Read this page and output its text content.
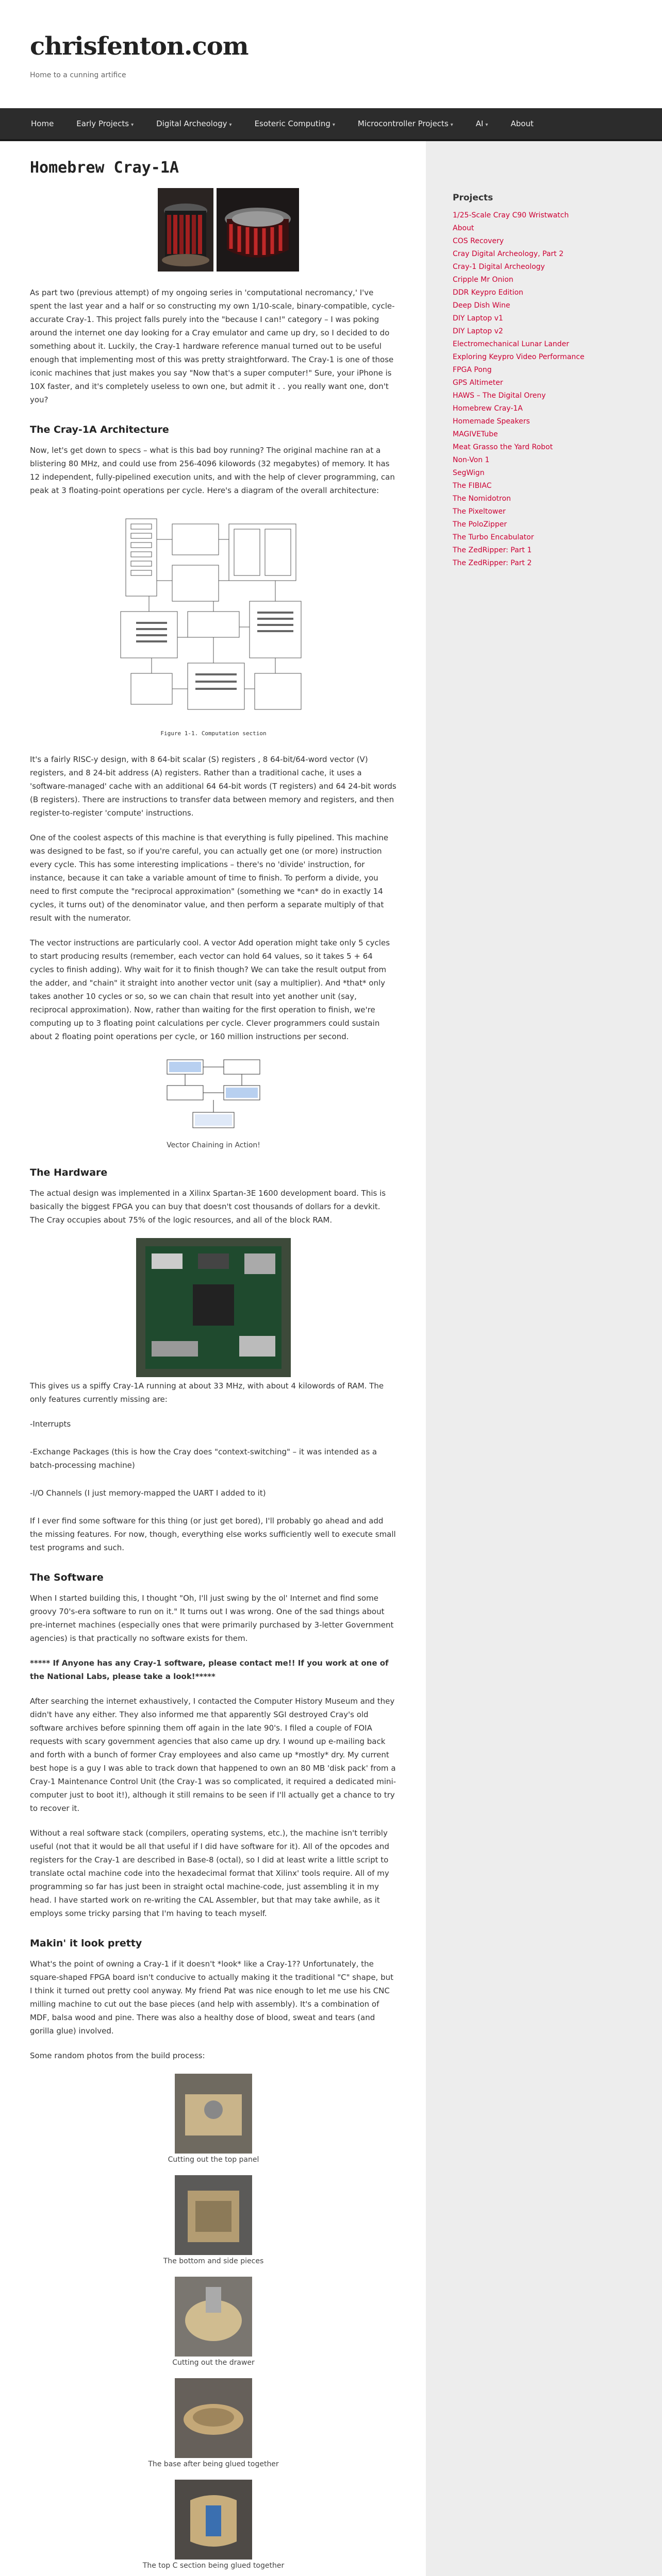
chrisfenton.com
Home to a cunning artifice
Home	Early Projects ▾	Digital Archeology ▾	Esoteric Computing ▾	Microcontroller Projects ▾	AI ▾	About
Homebrew Cray-1A

As part two (previous attempt) of my ongoing series in 'computational necromancy,' I've spent the last year and a half or so constructing my own 1/10-scale, binary-compatible, cycle-accurate Cray-1. This project falls purely into the "because I can!" category – I was poking around the internet one day looking for a Cray emulator and came up dry, so I decided to do something about it. Luckily, the Cray-1 hardware reference manual turned out to be useful enough that implementing most of this was pretty straightforward. The Cray-1 is one of those iconic machines that just makes you say "Now that's a super computer!" Sure, your iPhone is 10X faster, and it's completely useless to own one, but admit it . . you really want one, don't you?

The Cray-1A Architecture

Now, let's get down to specs – what is this bad boy running? The original machine ran at a blistering 80 MHz, and could use from 256-4096 kilowords (32 megabytes) of memory. It has 12 independent, fully-pipelined execution units, and with the help of clever programming, can peak at 3 floating-point operations per cycle. Here's a diagram of the overall architecture:

Figure 1-1. Computation section

It's a fairly RISC-y design, with 8 64-bit scalar (S) registers , 8 64-bit/64-word vector (V) registers, and 8 24-bit address (A) registers. Rather than a traditional cache, it uses a 'software-managed' cache with an additional 64 64-bit words (T registers) and 64 24-bit words (B registers). There are instructions to transfer data between memory and registers, and then register-to-register 'compute' instructions.

One of the coolest aspects of this machine is that everything is fully pipelined. This machine was designed to be fast, so if you're careful, you can actually get one (or more) instruction every cycle. This has some interesting implications – there's no 'divide' instruction, for instance, because it can take a variable amount of time to finish. To perform a divide, you need to first compute the "reciprocal approximation" (something we *can* do in exactly 14 cycles, it turns out) of the denominator value, and then perform a separate multiply of that result with the numerator.

The vector instructions are particularly cool. A vector Add operation might take only 5 cycles to start producing results (remember, each vector can hold 64 values, so it takes 5 + 64 cycles to finish adding). Why wait for it to finish though? We can take the result output from the adder, and "chain" it straight into another vector unit (say a multiplier). And *that* only takes another 10 cycles or so, so we can chain that result into yet another unit (say, reciprocal approximation). Now, rather than waiting for the first operation to finish, we're computing up to 3 floating point calculations per cycle. Clever programmers could sustain about 2 floating point operations per cycle, or 160 million instructions per second.

Vector Chaining in Action!
The Hardware

The actual design was implemented in a Xilinx Spartan-3E 1600 development board. This is basically the biggest FPGA you can buy that doesn't cost thousands of dollars for a devkit. The Cray occupies about 75% of the logic resources, and all of the block RAM.

This gives us a spiffy Cray-1A running at about 33 MHz, with about 4 kilowords of RAM. The only features currently missing are:

-Interrupts

-Exchange Packages (this is how the Cray does "context-switching" – it was intended as a batch-processing machine)

-I/O Channels (I just memory-mapped the UART I added to it)

If I ever find some software for this thing (or just get bored), I'll probably go ahead and add the missing features. For now, though, everything else works sufficiently well to execute small test programs and such.

The Software

When I started building this, I thought "Oh, I'll just swing by the ol' Internet and find some groovy 70's-era software to run on it." It turns out I was wrong. One of the sad things about pre-internet machines (especially ones that were primarily purchased by 3-letter Government agencies) is that practically no software exists for them.

***** If Anyone has any Cray-1 software, please contact me!! If you work at one of the National Labs, please take a look!*****

After searching the internet exhaustively, I contacted the Computer History Museum and they didn't have any either. They also informed me that apparently SGI destroyed Cray's old software archives before spinning them off again in the late 90's. I filed a couple of FOIA requests with scary government agencies that also came up dry. I wound up e-mailing back and forth with a bunch of former Cray employees and also came up *mostly* dry. My current best hope is a guy I was able to track down that happened to own an 80 MB 'disk pack' from a Cray-1 Maintenance Control Unit (the Cray-1 was so complicated, it required a dedicated mini-computer just to boot it!), although it still remains to be seen if I'll actually get a chance to try to recover it.

Without a real software stack (compilers, operating systems, etc.), the machine isn't terribly useful (not that it would be all that useful if I did have software for it). All of the opcodes and registers for the Cray-1 are described in Base-8 (octal), so I did at least write a little script to translate octal machine code into the hexadecimal format that Xilinx' tools require. All of my programming so far has just been in straight octal machine-code, just assembling it in my head. I have started work on re-writing the CAL Assembler, but that may take awhile, as it employs some tricky parsing that I'm having to teach myself.

Makin' it look pretty

What's the point of owning a Cray-1 if it doesn't *look* like a Cray-1?? Unfortunately, the square-shaped FPGA board isn't conducive to actually making it the traditional "C" shape, but I think it turned out pretty cool anyway. My friend Pat was nice enough to let me use his CNC milling machine to cut out the base pieces (and help with assembly). It's a combination of MDF, balsa wood and pine. There was also a healthy dose of blood, sweat and tears (and gorilla glue) involved.

Some random photos from the build process:

Cutting out the top panel
The bottom and side pieces
Cutting out the drawer
The base after being glued together
The top C section being glued together
Projects
1/25-Scale Cray C90 Wristwatch
About
COS Recovery
Cray Digital Archeology, Part 2
Cray-1 Digital Archeology
Cripple Mr Onion
DDR Keypro Edition
Deep Dish Wine
DIY Laptop v1
DIY Laptop v2
Electromechanical Lunar Lander
Exploring Keypro Video Performance
FPGA Pong
GPS Altimeter
HAWS – The Digital Oreny
Homebrew Cray-1A
Homemade Speakers
MAGIVETube
Meat Grasso the Yard Robot
Non-Von 1
SegWign
The FIBIAC
The Nomidotron
The Pixeltower
The PoloZipper
The Turbo Encabulator
The ZedRipper: Part 1
The ZedRipper: Part 2
